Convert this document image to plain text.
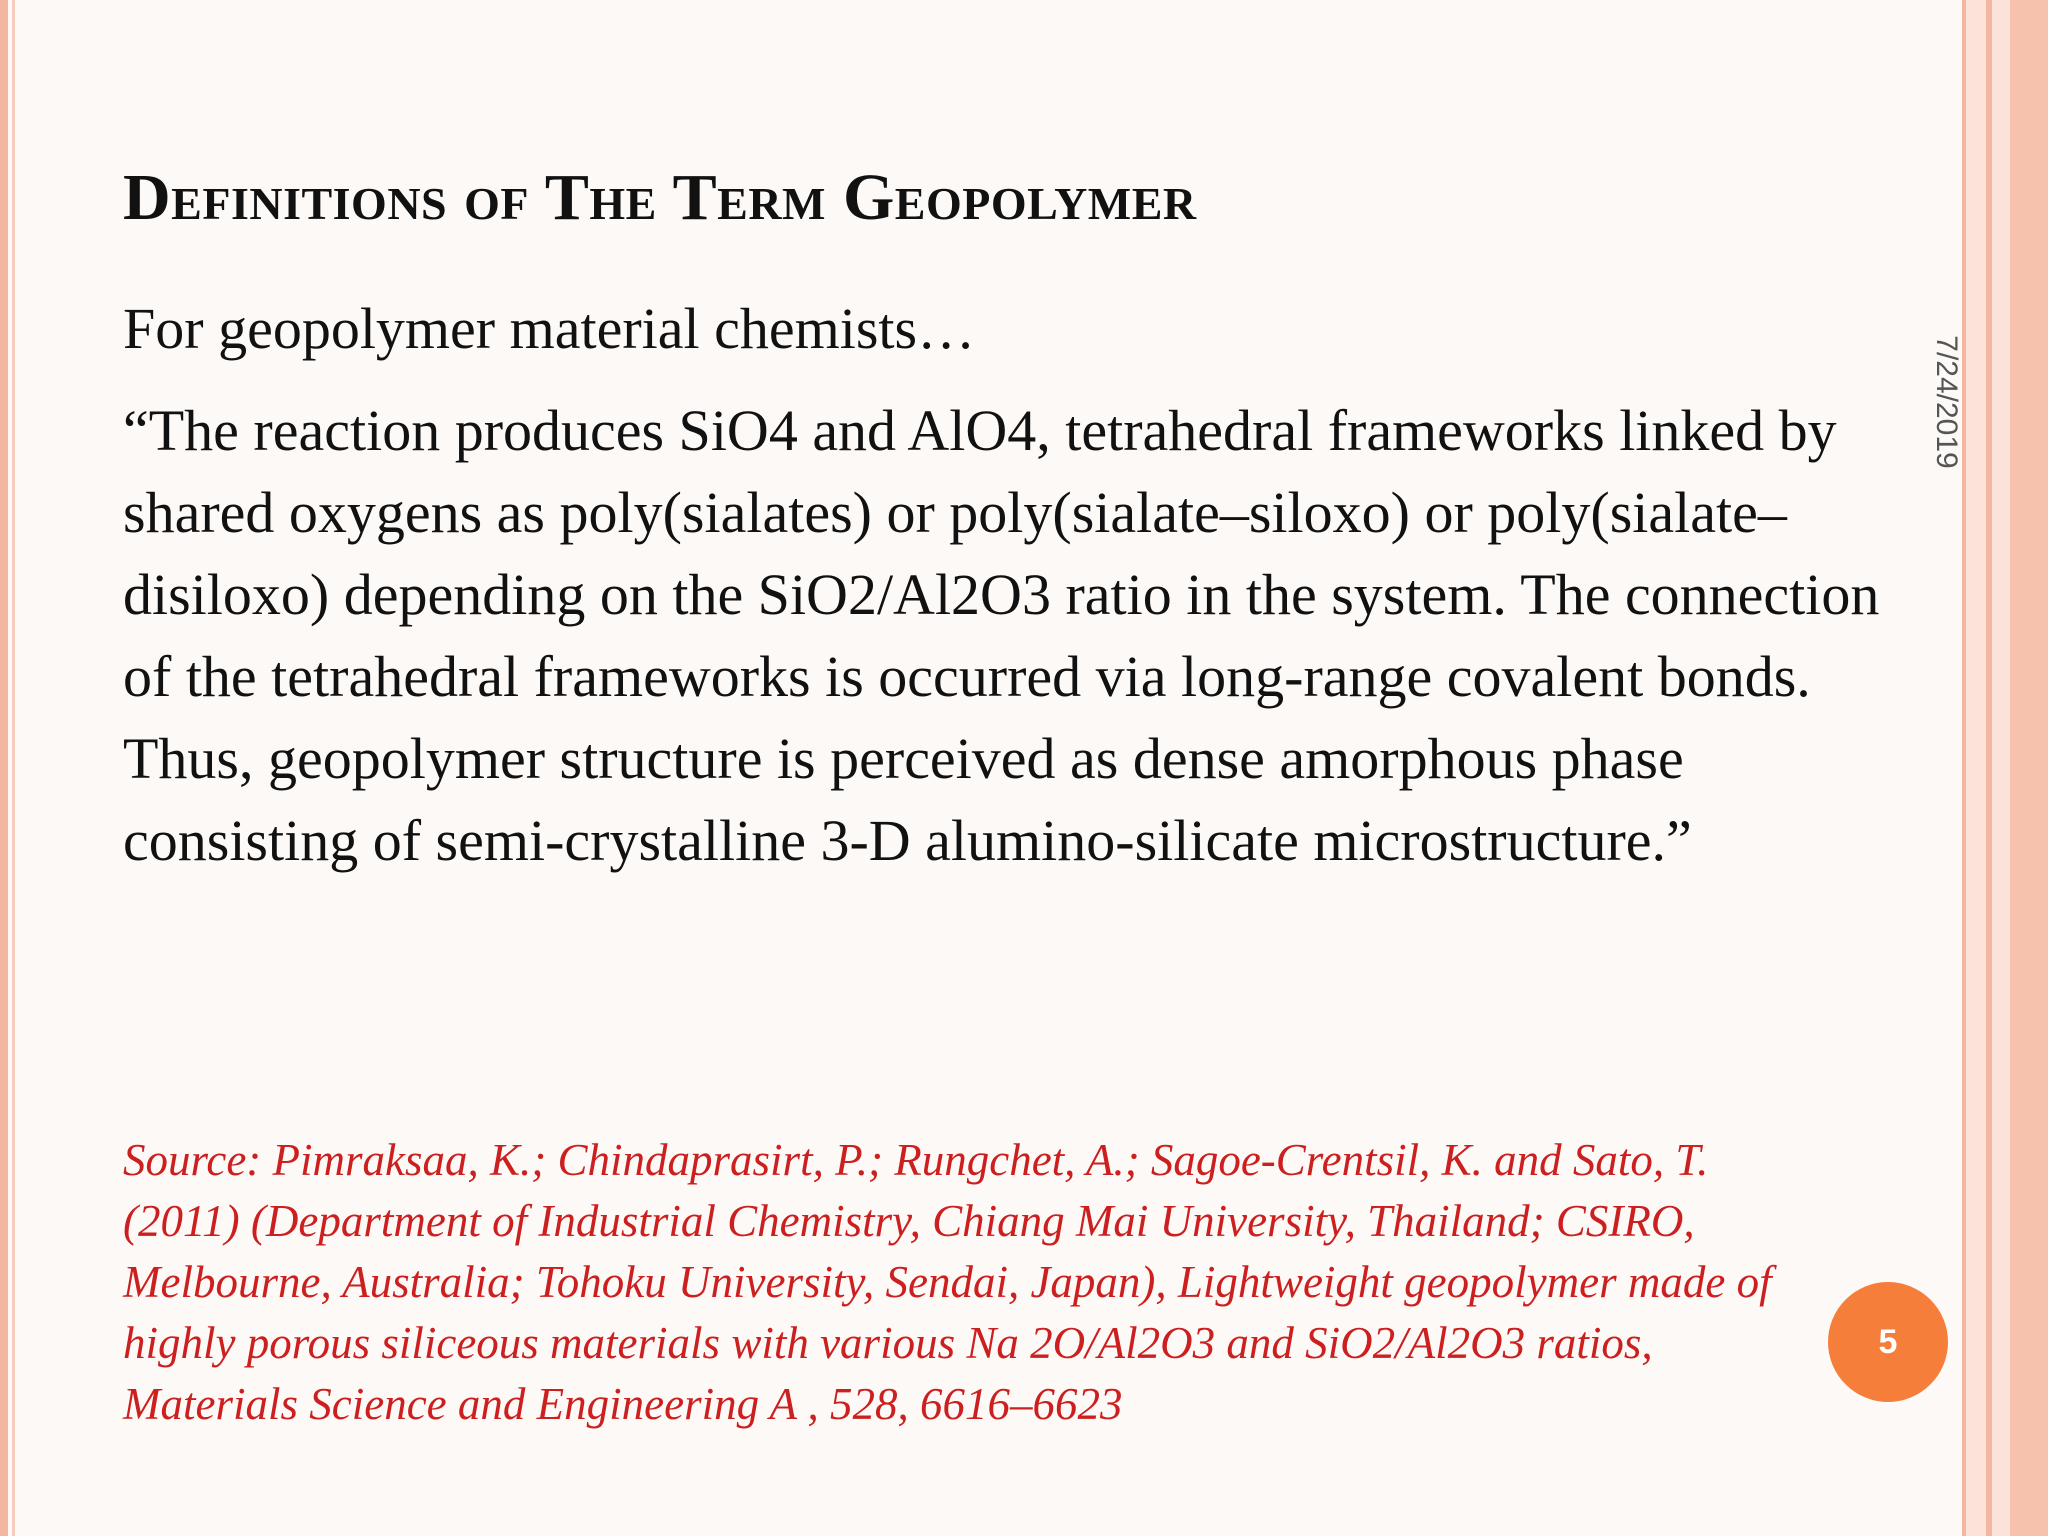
Definitions of The Term Geopolymer

For geopolymer material chemists…

“The reaction produces SiO4 and AlO4, tetrahedral frameworks linked by shared oxygens as poly(sialates) or poly(sialate–siloxo) or poly(sialate–disiloxo) depending on the SiO2/Al2O3 ratio in the system. The connection of the tetrahedral frameworks is occurred via long-range covalent bonds. Thus, geopolymer structure is perceived as dense amorphous phase consisting of semi-crystalline 3-D alumino-silicate microstructure.”

Source: Pimraksaa, K.; Chindaprasirt, P.; Rungchet, A.; Sagoe-Crentsil, K. and Sato, T. (2011) (Department of Industrial Chemistry, Chiang Mai University, Thailand; CSIRO, Melbourne, Australia; Tohoku University, Sendai, Japan), Lightweight geopolymer made of highly porous siliceous materials with various Na 2O/Al2O3 and SiO2/Al2O3 ratios, Materials Science and Engineering A , 528, 6616–6623

7/24/2019
5
